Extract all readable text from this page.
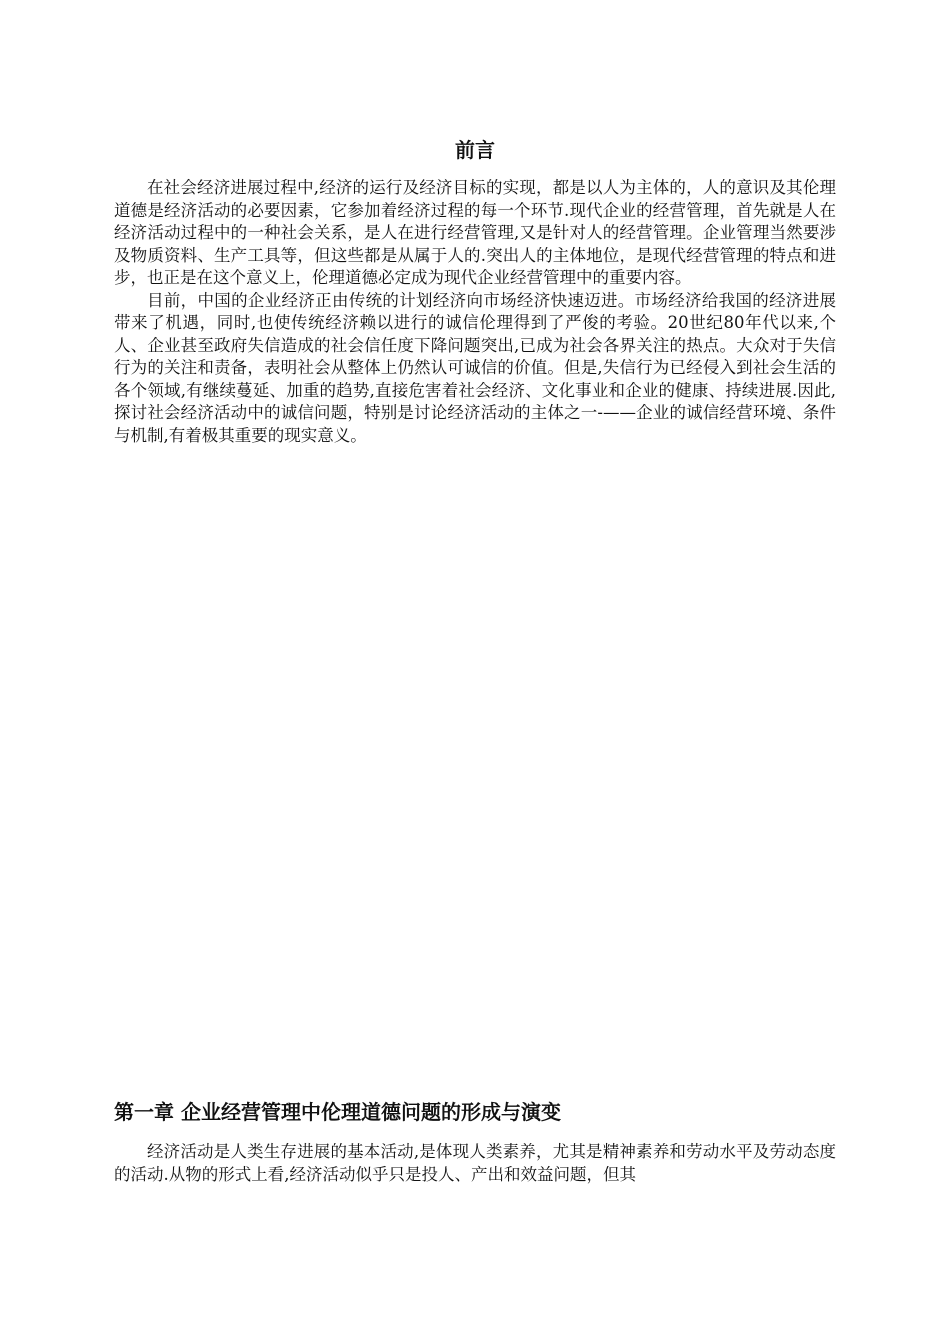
前言

在社会经济进展过程中,经济的运行及经济目标的实现，都是以人为主体的，人的意识及其伦理道德是经济活动的必要因素，它参加着经济过程的每一个环节.现代企业的经营管理，首先就是人在经济活动过程中的一种社会关系，是人在进行经营管理,又是针对人的经营管理。企业管理当然要涉及物质资料、生产工具等，但这些都是从属于人的.突出人的主体地位，是现代经营管理的特点和进步，也正是在这个意义上，伦理道德必定成为现代企业经营管理中的重要内容。

目前，中国的企业经济正由传统的计划经济向市场经济快速迈进。市场经济给我国的经济进展带来了机遇，同时,也使传统经济赖以进行的诚信伦理得到了严俊的考验。20世纪80年代以来,个人、企业甚至政府失信造成的社会信任度下降问题突出,已成为社会各界关注的热点。大众对于失信行为的关注和责备，表明社会从整体上仍然认可诚信的价值。但是,失信行为已经侵入到社会生活的各个领域,有继续蔓延、加重的趋势,直接危害着社会经济、文化事业和企业的健康、持续进展.因此,探讨社会经济活动中的诚信问题，特别是讨论经济活动的主体之一-——企业的诚信经营环境、条件与机制,有着极其重要的现实意义。

第一章 企业经营管理中伦理道德问题的形成与演变

经济活动是人类生存进展的基本活动,是体现人类素养，尤其是精神素养和劳动水平及劳动态度的活动.从物的形式上看,经济活动似乎只是投人、产出和效益问题，但其
